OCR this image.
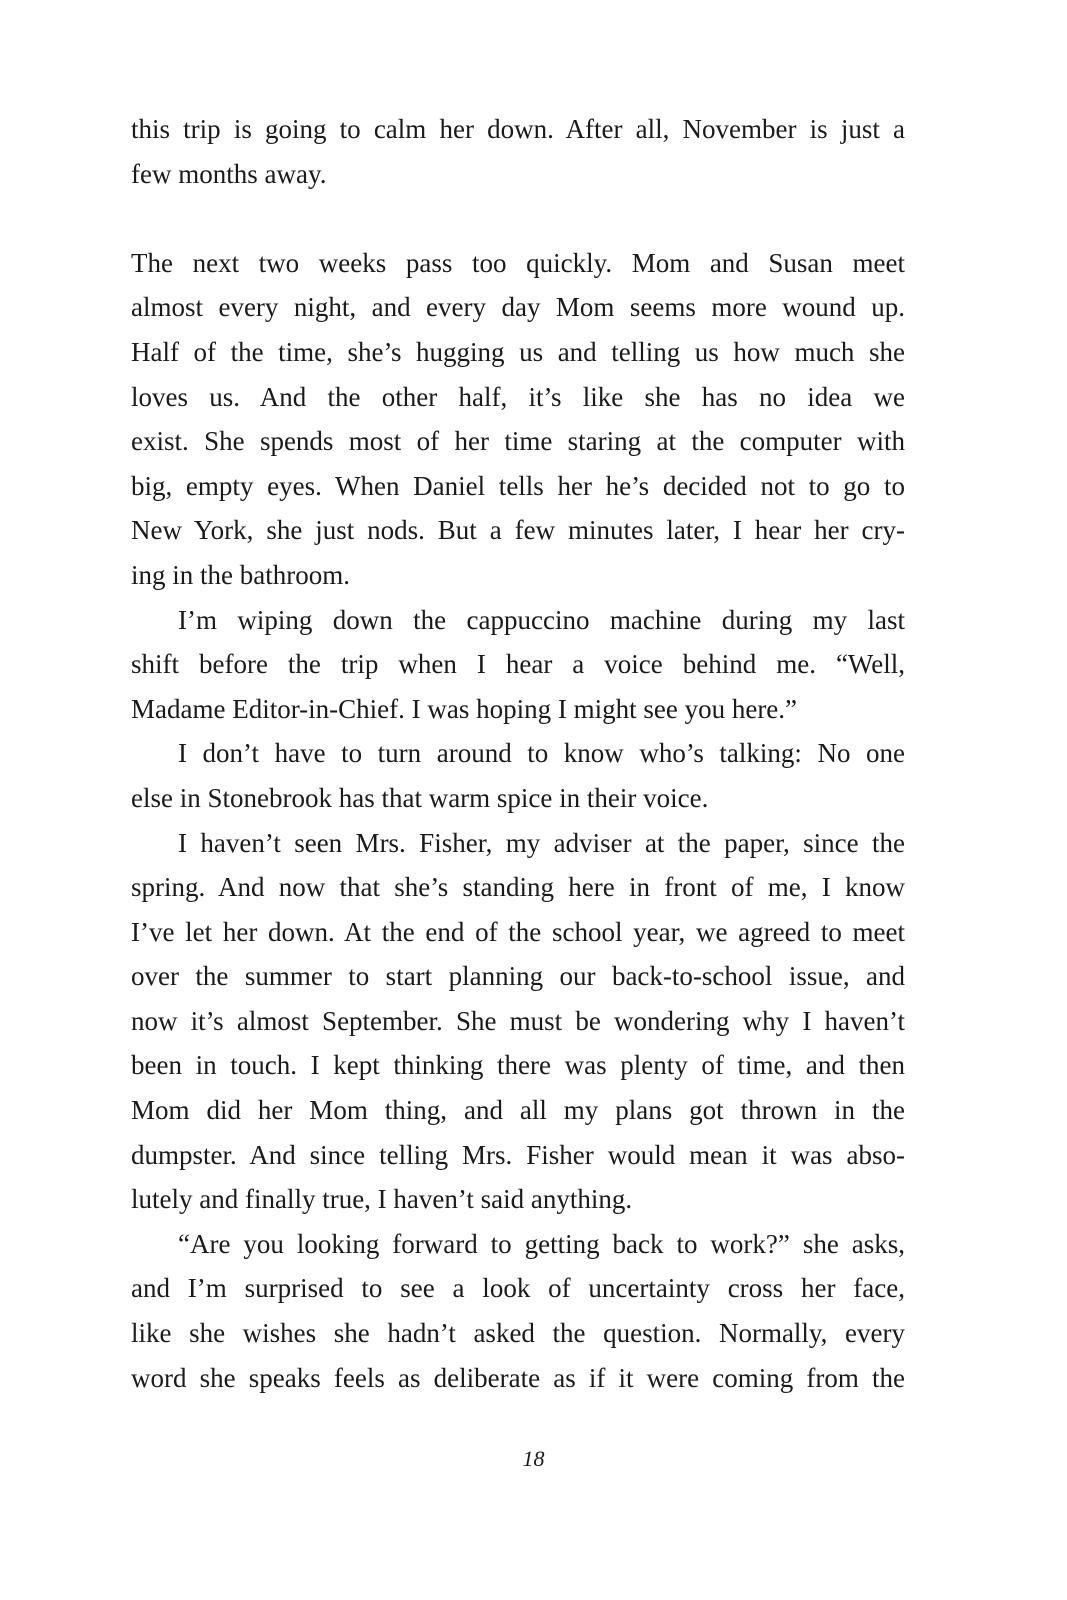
this trip is going to calm her down. After all, November is just a
few months away.
The next two weeks pass too quickly. Mom and Susan meet
almost every night, and every day Mom seems more wound up.
Half of the time, she’s hugging us and telling us how much she
loves us. And the other half, it’s like she has no idea we
exist. She spends most of her time staring at the computer with
big, empty eyes. When Daniel tells her he’s decided not to go to
New York, she just nods. But a few minutes later, I hear her cry-
ing in the bathroom.
I’m wiping down the cappuccino machine during my last
shift before the trip when I hear a voice behind me. “Well,
Madame Editor-in-Chief. I was hoping I might see you here.”
I don’t have to turn around to know who’s talking: No one
else in Stonebrook has that warm spice in their voice.
I haven’t seen Mrs. Fisher, my adviser at the paper, since the
spring. And now that she’s standing here in front of me, I know
I’ve let her down. At the end of the school year, we agreed to meet
over the summer to start planning our back-to-school issue, and
now it’s almost September. She must be wondering why I haven’t
been in touch. I kept thinking there was plenty of time, and then
Mom did her Mom thing, and all my plans got thrown in the
dumpster. And since telling Mrs. Fisher would mean it was abso-
lutely and finally true, I haven’t said anything.
“Are you looking forward to getting back to work?” she asks,
and I’m surprised to see a look of uncertainty cross her face,
like she wishes she hadn’t asked the question. Normally, every
word she speaks feels as deliberate as if it were coming from the
18
